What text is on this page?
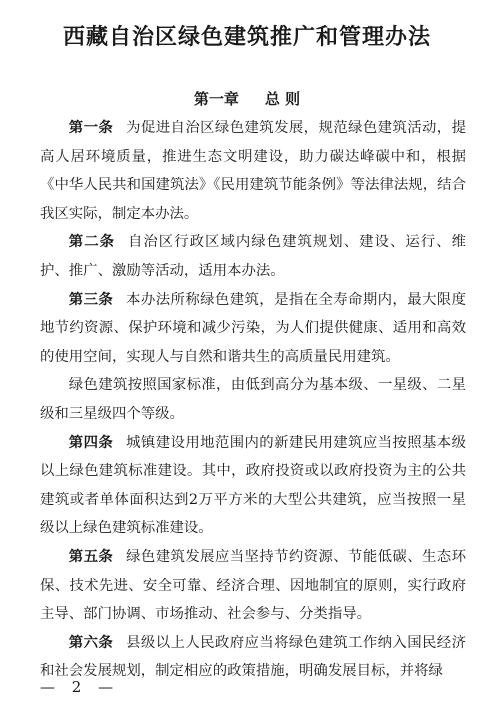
西藏自治区绿色建筑推广和管理办法
第一章 总 则

第一条 为促进自治区绿色建筑发展，规范绿色建筑活动，提高人居环境质量，推进生态文明建设，助力碳达峰碳中和，根据《中华人民共和国建筑法》《民用建筑节能条例》等法律法规，结合我区实际，制定本办法。

第二条 自治区行政区域内绿色建筑规划、建设、运行、维护、推广、激励等活动，适用本办法。

第三条 本办法所称绿色建筑，是指在全寿命期内，最大限度地节约资源、保护环境和减少污染，为人们提供健康、适用和高效的使用空间，实现人与自然和谐共生的高质量民用建筑。

绿色建筑按照国家标准，由低到高分为基本级、一星级、二星级和三星级四个等级。

第四条 城镇建设用地范围内的新建民用建筑应当按照基本级以上绿色建筑标准建设。其中，政府投资或以政府投资为主的公共建筑或者单体面积达到2万平方米的大型公共建筑，应当按照一星级以上绿色建筑标准建设。

第五条 绿色建筑发展应当坚持节约资源、节能低碳、生态环保、技术先进、安全可靠、经济合理、因地制宜的原则，实行政府主导、部门协调、市场推动、社会参与、分类指导。

第六条 县级以上人民政府应当将绿色建筑工作纳入国民经济和社会发展规划，制定相应的政策措施，明确发展目标，并将绿

— 2 —
